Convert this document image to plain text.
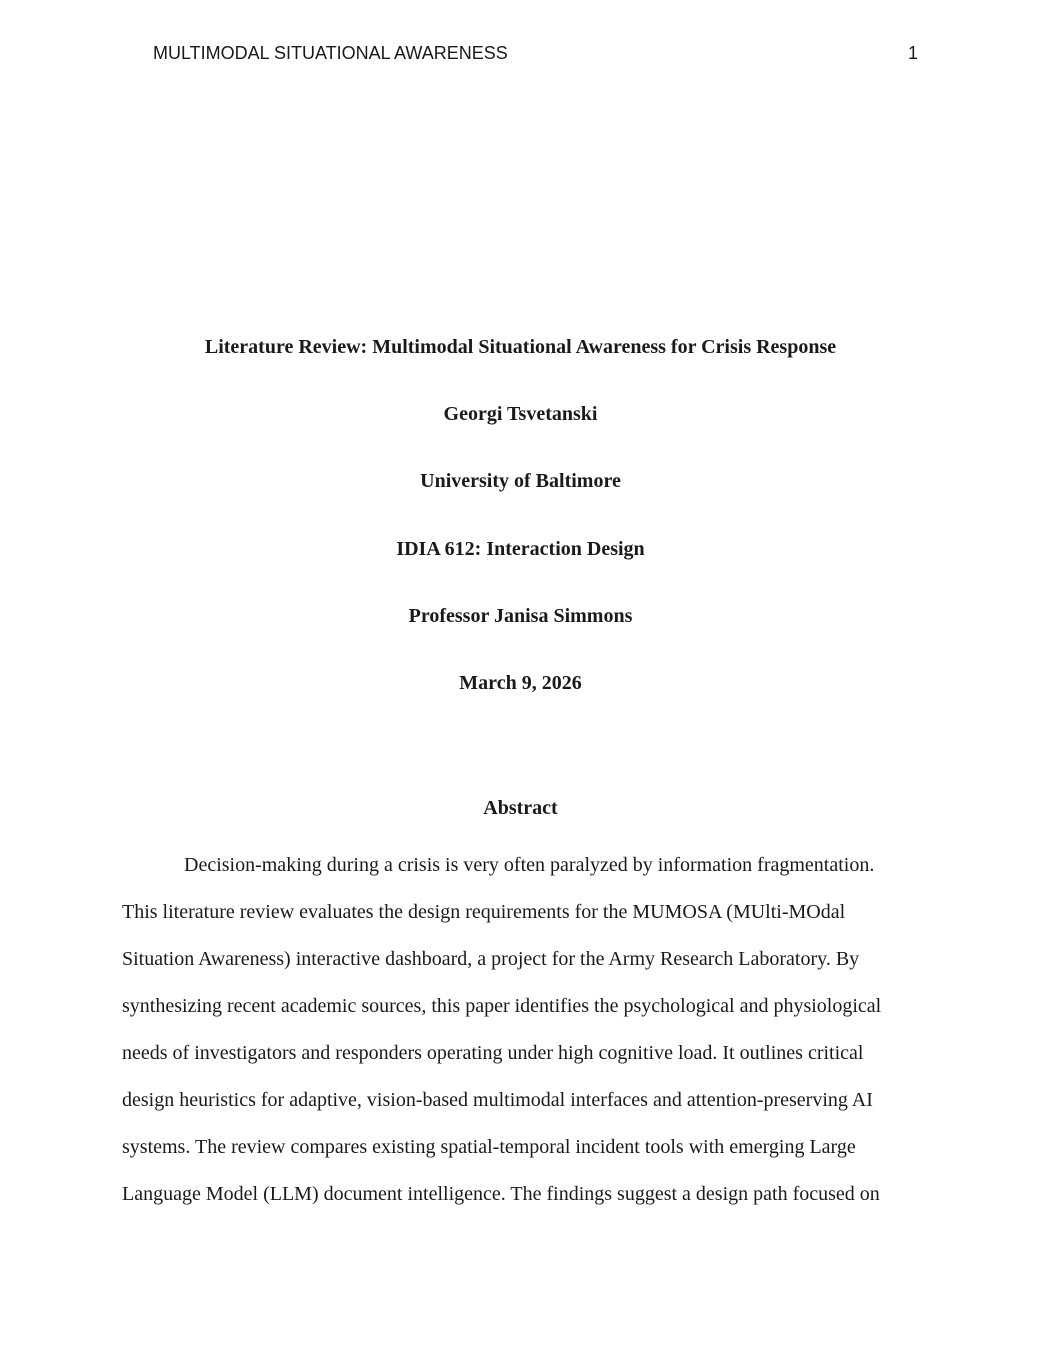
MULTIMODAL SITUATIONAL AWARENESS	1
Literature Review: Multimodal Situational Awareness for Crisis Response
Georgi Tsvetanski
University of Baltimore
IDIA 612: Interaction Design
Professor Janisa Simmons
March 9, 2026
Abstract
Decision-making during a crisis is very often paralyzed by information fragmentation.
This literature review evaluates the design requirements for the MUMOSA (MUlti-MOdal
Situation Awareness) interactive dashboard, a project for the Army Research Laboratory. By
synthesizing recent academic sources, this paper identifies the psychological and physiological
needs of investigators and responders operating under high cognitive load. It outlines critical
design heuristics for adaptive, vision-based multimodal interfaces and attention-preserving AI
systems. The review compares existing spatial-temporal incident tools with emerging Large
Language Model (LLM) document intelligence. The findings suggest a design path focused on
